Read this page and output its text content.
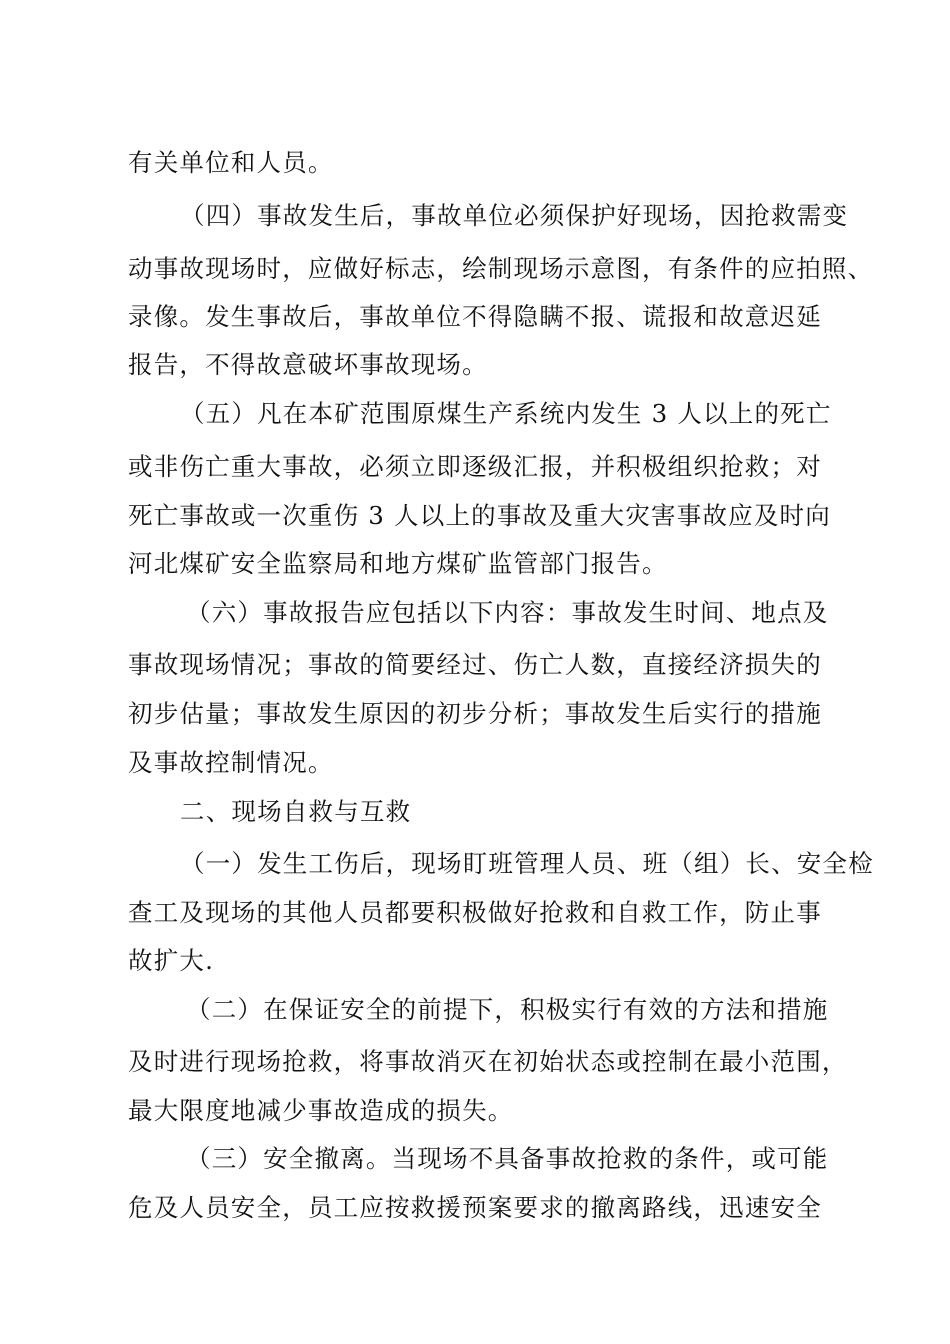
有关单位和人员。
（四）事故发生后，事故单位必须保护好现场，因抢救需变
动事故现场时，应做好标志，绘制现场示意图，有条件的应拍照、
录像。发生事故后，事故单位不得隐瞒不报、谎报和故意迟延
报告，不得故意破坏事故现场。
（五）凡在本矿范围原煤生产系统内发生 3 人以上的死亡
或非伤亡重大事故，必须立即逐级汇报，并积极组织抢救；对
死亡事故或一次重伤 3 人以上的事故及重大灾害事故应及时向
河北煤矿安全监察局和地方煤矿监管部门报告。
（六）事故报告应包括以下内容：事故发生时间、地点及
事故现场情况；事故的简要经过、伤亡人数，直接经济损失的
初步估量；事故发生原因的初步分析；事故发生后实行的措施
及事故控制情况。
二、现场自救与互救
（一）发生工伤后，现场盯班管理人员、班（组）长、安全检
查工及现场的其他人员都要积极做好抢救和自救工作，防止事
故扩大.
（二）在保证安全的前提下，积极实行有效的方法和措施
及时进行现场抢救，将事故消灭在初始状态或控制在最小范围，
最大限度地减少事故造成的损失。
（三）安全撤离。当现场不具备事故抢救的条件，或可能
危及人员安全，员工应按救援预案要求的撤离路线，迅速安全
